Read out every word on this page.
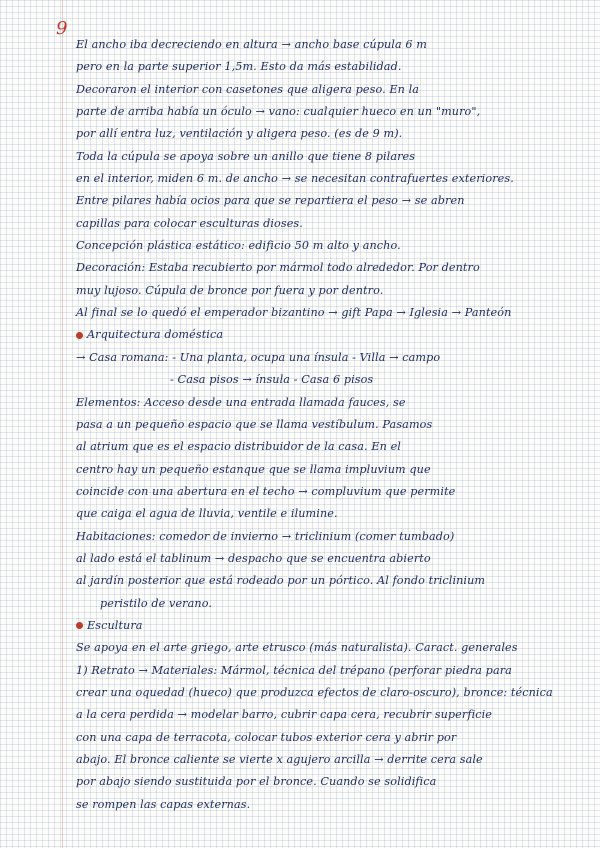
9
El ancho iba decreciendo en altura → ancho base cúpula 6 m
pero en la parte superior 1,5m. Esto da más estabilidad.
Decoraron el interior con casetones que aligera peso. En la
parte de arriba había un óculo → vano: cualquier hueco en un "muro",
por allí entra luz, ventilación y aligera peso. (es de 9 m).
Toda la cúpula se apoya sobre un anillo que tiene 8 pilares
en el interior, miden 6 m. de ancho → se necesitan contrafuertes exteriores.
Entre pilares había ocios para que se repartiera el peso → se abren
capillas para colocar esculturas dioses.
Concepción plástica estático: edificio 50 m alto y ancho.
Decoración: Estaba recubierto por mármol todo alrededor. Por dentro
muy lujoso. Cúpula de bronce por fuera y por dentro.
Al final se lo quedó el emperador bizantino → gift Papa → Iglesia → Panteón
Arquitectura doméstica
→ Casa romana: - Una planta, ocupa una ínsula - Villa → campo
- Casa pisos → ínsula - Casa 6 pisos
Elementos: Acceso desde una entrada llamada fauces, se
pasa a un pequeño espacio que se llama vestíbulum. Pasamos
al atrium que es el espacio distribuidor de la casa. En el
centro hay un pequeño estanque que se llama impluvium que
coincide con una abertura en el techo → compluvium que permite
que caiga el agua de lluvia, ventile e ilumine.
Habitaciones: comedor de invierno → triclinium (comer tumbado)
al lado está el tablinum → despacho que se encuentra abierto
al jardín posterior que está rodeado por un pórtico. Al fondo triclinium
peristilo de verano.
Escultura
Se apoya en el arte griego, arte etrusco (más naturalista). Caract. generales
1) Retrato → Materiales: Mármol, técnica del trépano (perforar piedra para
crear una oquedad (hueco) que produzca efectos de claro-oscuro), bronce: técnica
a la cera perdida → modelar barro, cubrir capa cera, recubrir superficie
con una capa de terracota, colocar tubos exterior cera y abrir por
abajo. El bronce caliente se vierte x agujero arcilla → derrite cera sale
por abajo siendo sustituida por el bronce. Cuando se solidifica
se rompen las capas externas.
